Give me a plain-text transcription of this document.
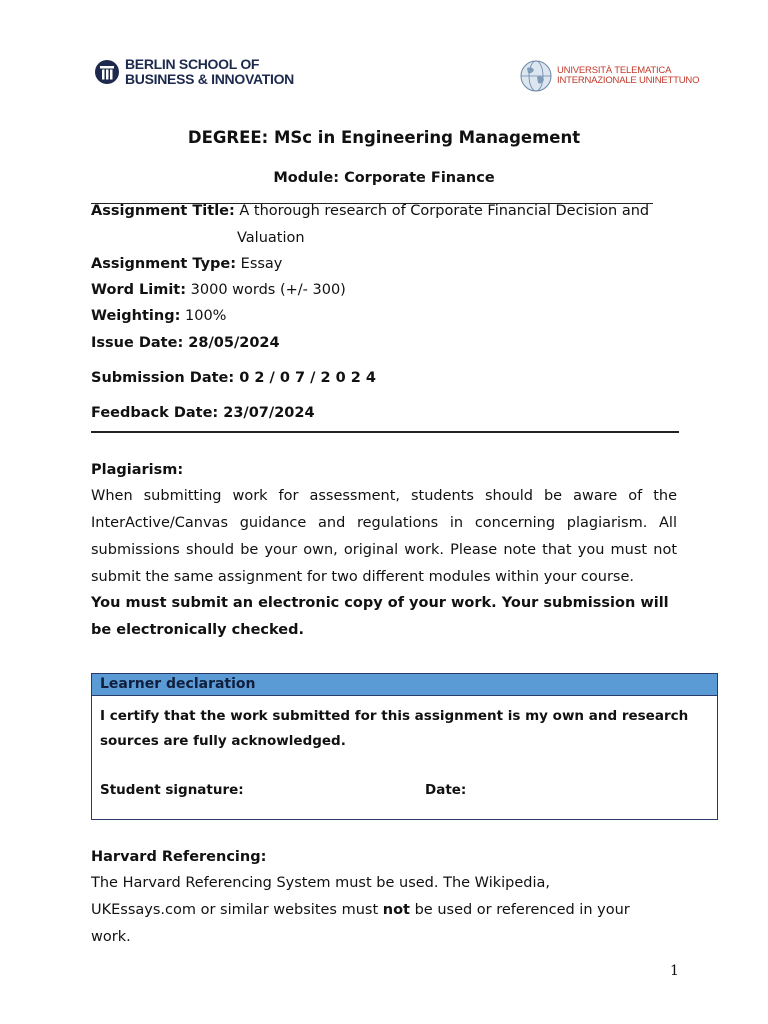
BERLIN SCHOOL OF
BUSINESS & INNOVATION
UNIVERSITÀ TELEMATICA
INTERNAZIONALE UNINETTUNO
DEGREE: MSc in Engineering Management
Module: Corporate Finance
Assignment Title: A thorough research of Corporate Financial Decision and
Valuation
Assignment Type: Essay
Word Limit: 3000 words (+/- 300)
Weighting: 100%
Issue Date: 28/05/2024
Submission Date: 0 2 / 0 7 / 2 0 2 4
Feedback Date: 23/07/2024
Plagiarism:
When submitting work for assessment, students should be aware of the InterActive/Canvas guidance and regulations in concerning plagiarism. All submissions should be your own, original work. Please note that you must not submit the same assignment for two different modules within your course.
You must submit an electronic copy of your work. Your submission will be electronically checked.
Learner declaration
I certify that the work submitted for this assignment is my own and research sources are fully acknowledged.
Student signature:	Date:
Harvard Referencing:
The Harvard Referencing System must be used. The Wikipedia, UKEssays.com or similar websites must not be used or referenced in your work.
1
